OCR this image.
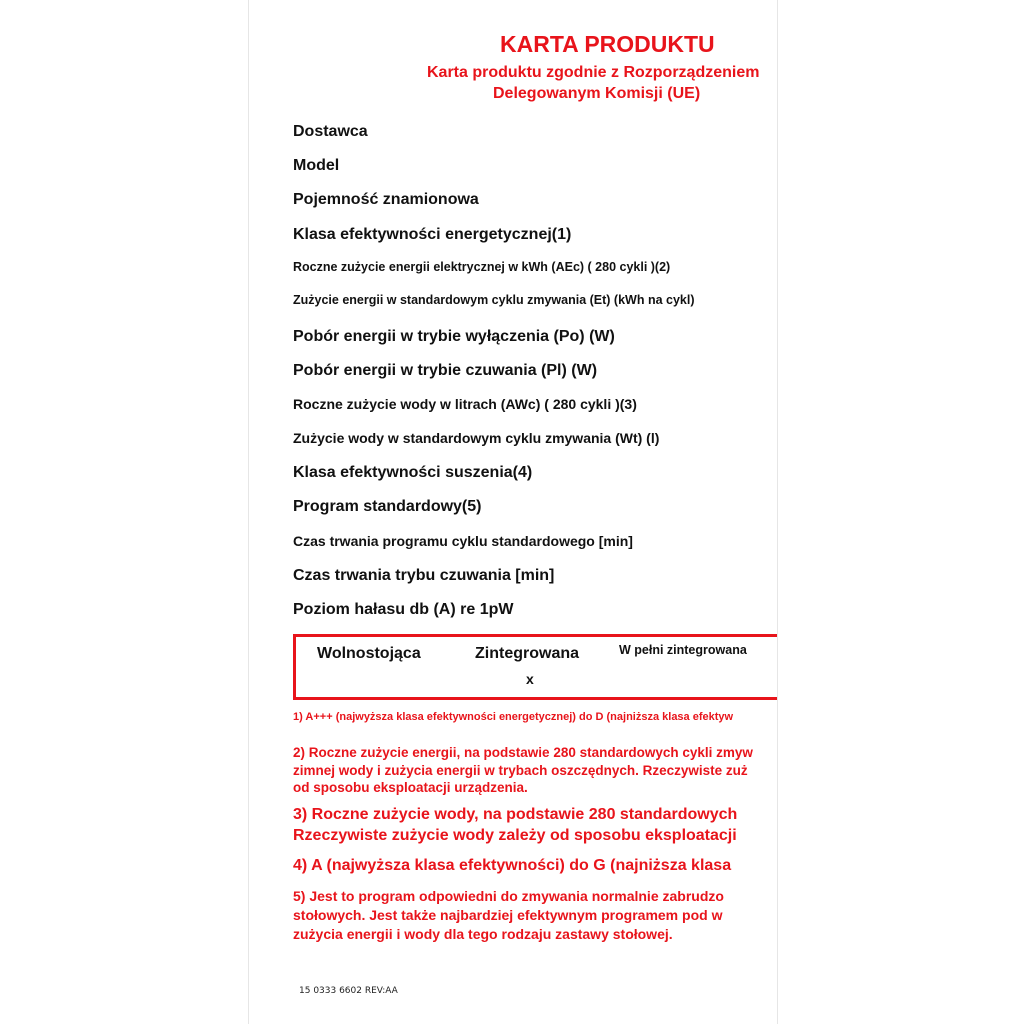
KARTA PRODUKTU
Karta produktu zgodnie z Rozporządzeniem
Delegowanym Komisji (UE)
Dostawca
Model
Pojemność znamionowa
Klasa efektywności energetycznej(1)
Roczne zużycie energii elektrycznej w kWh (AEc) ( 280 cykli )(2)
Zużycie energii w standardowym cyklu zmywania (Et) (kWh na cykl)
Pobór energii w trybie wyłączenia (Po) (W)
Pobór energii w trybie czuwania (Pl) (W)
Roczne zużycie wody w litrach (AWc) ( 280 cykli )(3)
Zużycie wody w standardowym cyklu zmywania (Wt) (l)
Klasa efektywności suszenia(4)
Program standardowy(5)
Czas trwania programu cyklu standardowego [min]
Czas trwania trybu czuwania [min]
Poziom hałasu db (A) re 1pW
Wolnostojąca	Zintegrowana	W pełni zintegrowana
x
1) A+++ (najwyższa klasa efektywności energetycznej) do D (najniższa klasa efektyw
2) Roczne zużycie energii, na podstawie 280 standardowych cykli zmyw
zimnej wody i zużycia energii w trybach oszczędnych. Rzeczywiste zuż
od sposobu eksploatacji urządzenia.
3) Roczne zużycie wody, na podstawie 280 standardowych
Rzeczywiste zużycie wody zależy od sposobu eksploatacji
4) A (najwyższa klasa efektywności) do G (najniższa klasa
5) Jest to program odpowiedni do zmywania normalnie zabrudzo
stołowych. Jest także najbardziej efektywnym programem pod w
zużycia energii i wody dla tego rodzaju zastawy stołowej.
15 0333 6602 REV:AA
